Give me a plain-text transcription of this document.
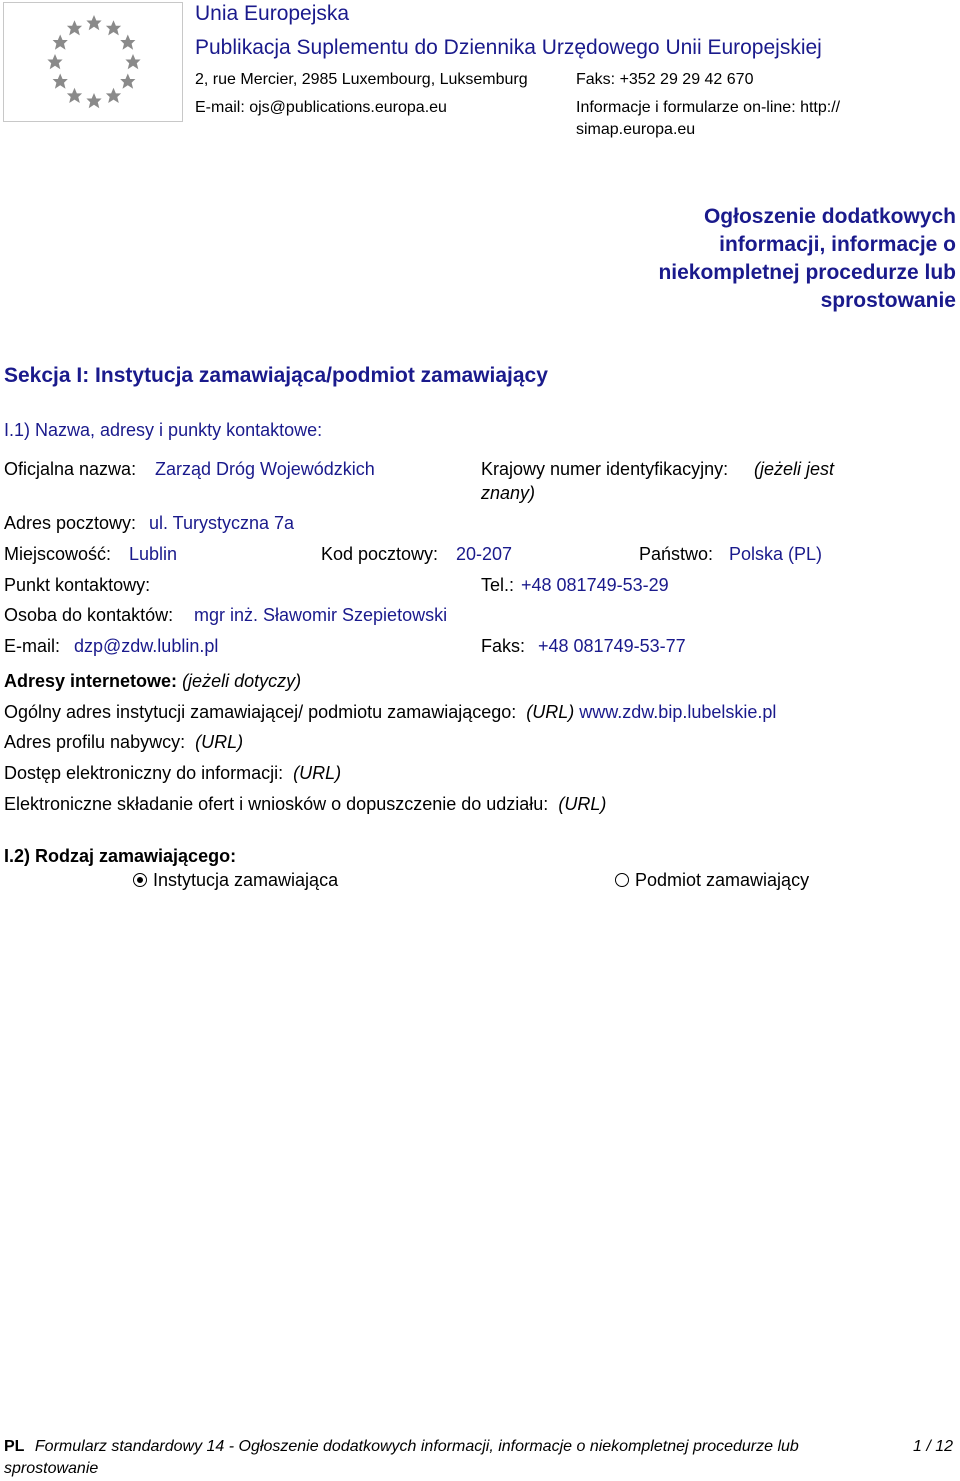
Unia Europejska
Publikacja Suplementu do Dziennika Urzędowego Unii Europejskiej
2, rue Mercier, 2985 Luxembourg, Luksemburg	Faks: +352 29 29 42 670
E-mail: ojs@publications.europa.eu	Informacje i formularze on-line: http://
simap.europa.eu
Ogłoszenie dodatkowych
informacji, informacje o
niekompletnej procedurze lub
sprostowanie
Sekcja I: Instytucja zamawiająca/podmiot zamawiający
I.1) Nazwa, adresy i punkty kontaktowe:
Oficjalna nazwa: Zarząd Dróg Wojewódzkich	Krajowy numer identyfikacyjny: (jeżeli jest
znany)
Adres pocztowy: ul. Turystyczna 7a
Miejscowość: Lublin	Kod pocztowy: 20-207	Państwo: Polska (PL)
Punkt kontaktowy:	Tel.: +48 081749-53-29
Osoba do kontaktów: mgr inż. Sławomir Szepietowski
E-mail: dzp@zdw.lublin.pl	Faks: +48 081749-53-77
Adresy internetowe: (jeżeli dotyczy)
Ogólny adres instytucji zamawiającej/ podmiotu zamawiającego: (URL) www.zdw.bip.lubelskie.pl
Adres profilu nabywcy: (URL)
Dostęp elektroniczny do informacji: (URL)
Elektroniczne składanie ofert i wniosków o dopuszczenie do udziału: (URL)
I.2) Rodzaj zamawiającego:
Instytucja zamawiająca	Podmiot zamawiający
PL Formularz standardowy 14 - Ogłoszenie dodatkowych informacji, informacje o niekompletnej procedurze lub
sprostowanie
1 / 12
